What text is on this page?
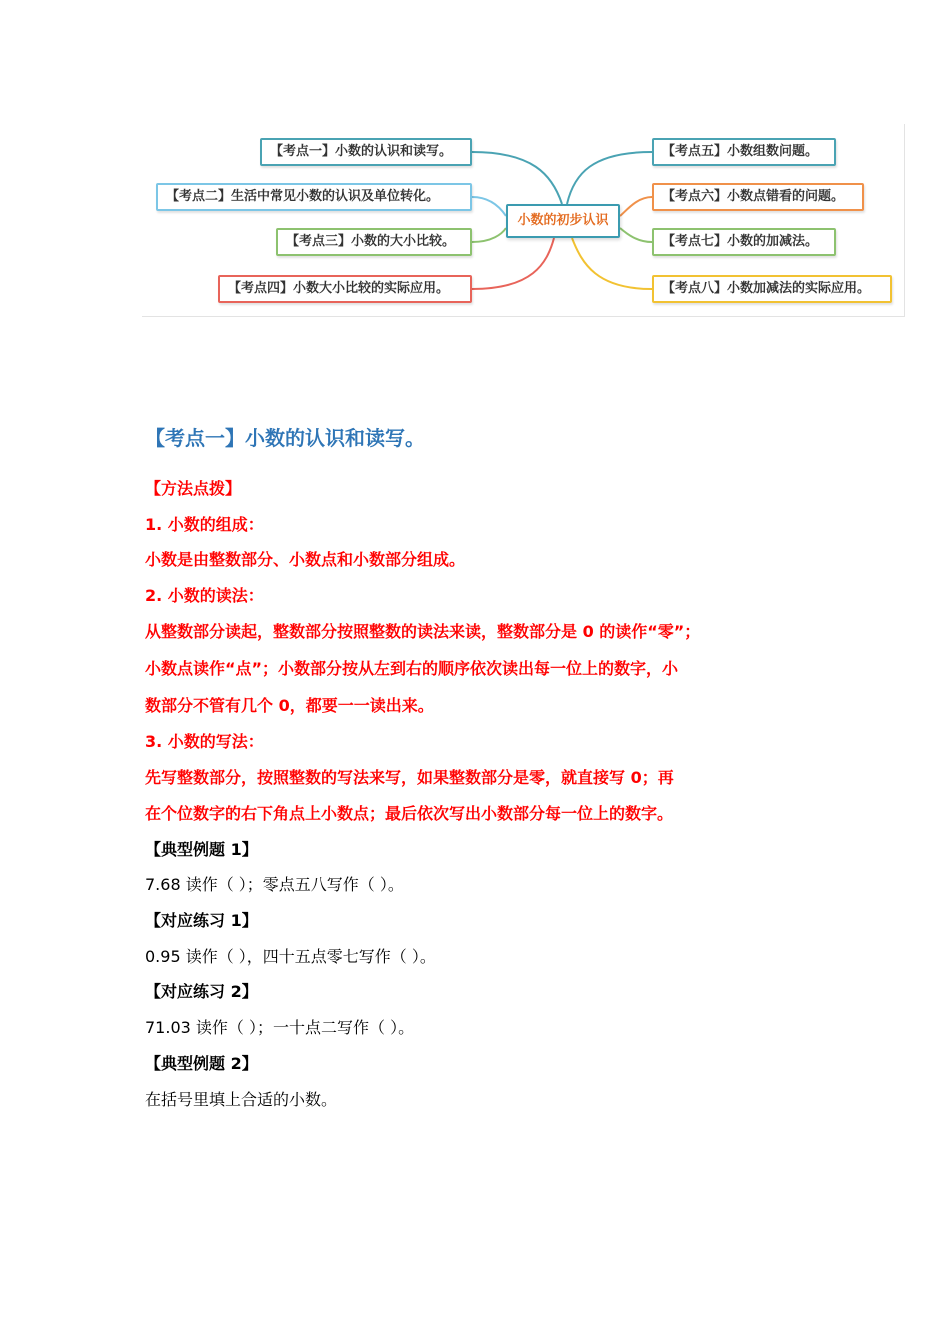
【考点一】小数的认识和读写。
【考点二】生活中常见小数的认识及单位转化。
【考点三】小数的大小比较。
【考点四】小数大小比较的实际应用。
小数的初步认识
【考点五】小数组数问题。
【考点六】小数点错看的问题。
【考点七】小数的加减法。
【考点八】小数加减法的实际应用。
【考点一】小数的认识和读写。
【方法点拨】
1. 小数的组成：
小数是由整数部分、小数点和小数部分组成。
2. 小数的读法：
从整数部分读起，整数部分按照整数的读法来读，整数部分是 0 的读作“零”；
小数点读作“点”；小数部分按从左到右的顺序依次读出每一位上的数字，小
数部分不管有几个 0，都要一一读出来。
3. 小数的写法：
先写整数部分，按照整数的写法来写，如果整数部分是零，就直接写 0；再
在个位数字的右下角点上小数点；最后依次写出小数部分每一位上的数字。
【典型例题 1】
7.68 读作（ ）；零点五八写作（ ）。
【对应练习 1】
0.95 读作（ ），四十五点零七写作（ ）。
【对应练习 2】
71.03 读作（ ）；一十点二写作（ ）。
【典型例题 2】
在括号里填上合适的小数。
